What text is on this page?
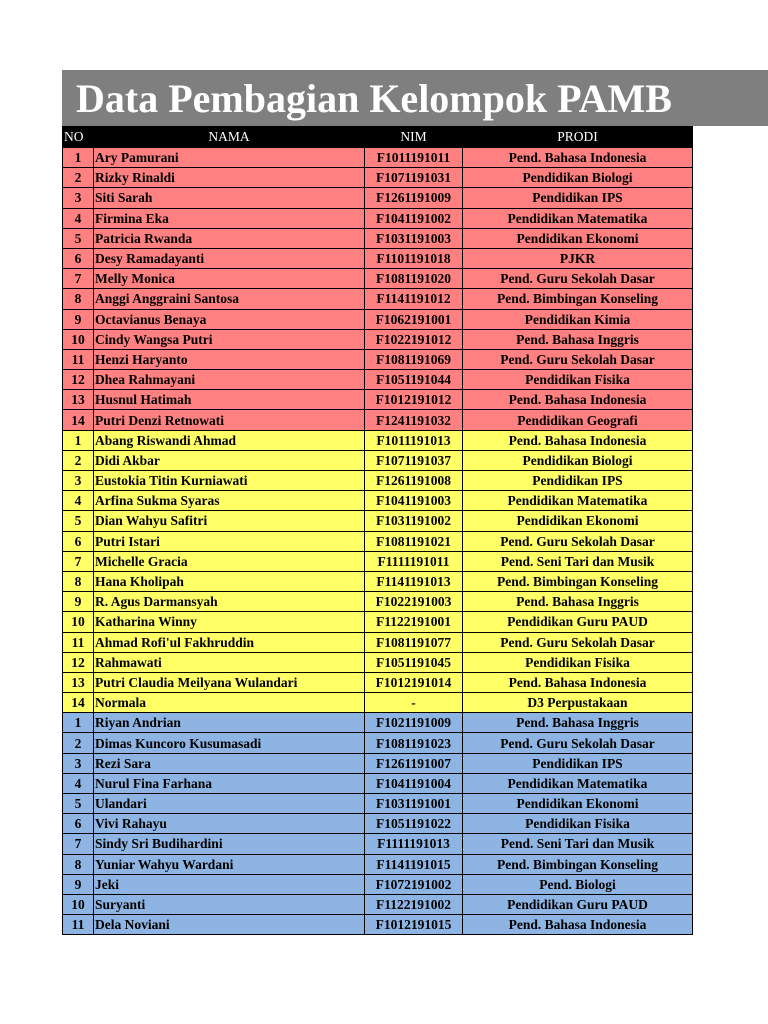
Data Pembagian Kelompok PAMB
NO	NAMA	NIM	PRODI
1	Ary Pamurani	F1011191011	Pend. Bahasa Indonesia
2	Rizky Rinaldi	F1071191031	Pendidikan Biologi
3	Siti Sarah	F1261191009	Pendidikan IPS
4	Firmina Eka	F1041191002	Pendidikan Matematika
5	Patricia Rwanda	F1031191003	Pendidikan Ekonomi
6	Desy Ramadayanti	F1101191018	PJKR
7	Melly Monica	F1081191020	Pend. Guru Sekolah Dasar
8	Anggi Anggraini Santosa	F1141191012	Pend. Bimbingan Konseling
9	Octavianus Benaya	F1062191001	Pendidikan Kimia
10	Cindy Wangsa Putri	F1022191012	Pend. Bahasa Inggris
11	Henzi Haryanto	F1081191069	Pend. Guru Sekolah Dasar
12	Dhea Rahmayani	F1051191044	Pendidikan Fisika
13	Husnul Hatimah	F1012191012	Pend. Bahasa Indonesia
14	Putri Denzi Retnowati	F1241191032	Pendidikan Geografi
1	Abang Riswandi Ahmad	F1011191013	Pend. Bahasa Indonesia
2	Didi Akbar	F1071191037	Pendidikan Biologi
3	Eustokia Titin Kurniawati	F1261191008	Pendidikan IPS
4	Arfina Sukma Syaras	F1041191003	Pendidikan Matematika
5	Dian Wahyu Safitri	F1031191002	Pendidikan Ekonomi
6	Putri Istari	F1081191021	Pend. Guru Sekolah Dasar
7	Michelle Gracia	F1111191011	Pend. Seni Tari dan Musik
8	Hana Kholipah	F1141191013	Pend. Bimbingan Konseling
9	R. Agus Darmansyah	F1022191003	Pend. Bahasa Inggris
10	Katharina Winny	F1122191001	Pendidikan Guru PAUD
11	Ahmad Rofi'ul Fakhruddin	F1081191077	Pend. Guru Sekolah Dasar
12	Rahmawati	F1051191045	Pendidikan Fisika
13	Putri Claudia Meilyana Wulandari	F1012191014	Pend. Bahasa Indonesia
14	Normala	-	D3 Perpustakaan
1	Riyan Andrian	F1021191009	Pend. Bahasa Inggris
2	Dimas Kuncoro Kusumasadi	F1081191023	Pend. Guru Sekolah Dasar
3	Rezi Sara	F1261191007	Pendidikan IPS
4	Nurul Fina Farhana	F1041191004	Pendidikan Matematika
5	Ulandari	F1031191001	Pendidikan Ekonomi
6	Vivi Rahayu	F1051191022	Pendidikan Fisika
7	Sindy Sri Budihardini	F1111191013	Pend. Seni Tari dan Musik
8	Yuniar Wahyu Wardani	F1141191015	Pend. Bimbingan Konseling
9	Jeki	F1072191002	Pend. Biologi
10	Suryanti	F1122191002	Pendidikan Guru PAUD
11	Dela Noviani	F1012191015	Pend. Bahasa Indonesia
